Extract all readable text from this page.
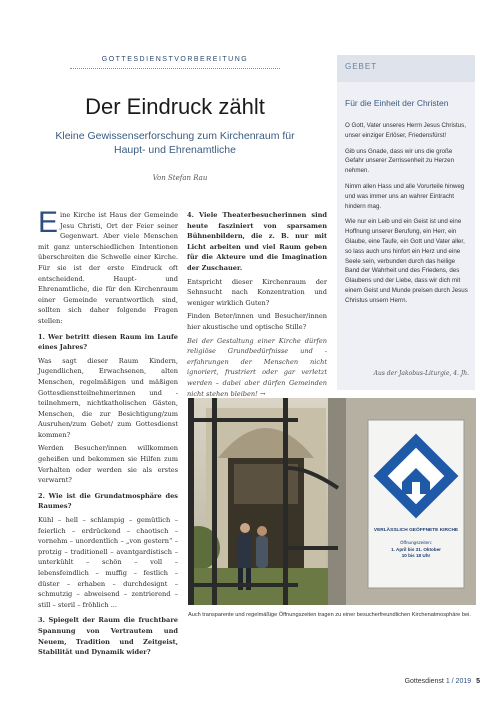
GOTTESDIENSTVORBEREITUNG
Der Eindruck zählt
Kleine Gewissenserforschung zum Kirchenraum für Haupt- und Ehrenamtliche
Von Stefan Rau

Eine Kirche ist Haus der Gemeinde Jesu Christi, Ort der Feier seiner Gegenwart. Aber viele Menschen mit ganz unterschiedlichen Intentionen überschreiten die Schwelle einer Kirche. Für sie ist der erste Eindruck oft entscheidend. Haupt- und Ehrenamtliche, die für den Kirchenraum einer Gemeinde verantwortlich sind, sollten sich daher folgende Fragen stellen:

1. Wer betritt diesen Raum im Laufe eines Jahres?

Was sagt dieser Raum Kindern, Jugendlichen, Erwachsenen, alten Menschen, regelmäßigen und mäßigen Gottesdienstteilnehmerinnen und -teilnehmern, nichtkatholischen Gästen, Menschen, die zur Besichtigung/zum Ausruhen/zum Gebet/ zum Gottesdienst kommen?

Werden Besucher/innen willkommen geheißen und bekommen sie Hilfen zum Verhalten oder werden sie als erstes verwarnt?

2. Wie ist die Grundatmosphäre des Raumes?

Kühl – hell – schlampig – gemütlich – feierlich – erdrückend – chaotisch – vornehm – unordentlich – „von gestern“ – protzig – traditionell – avantgardistisch – unterkühlt – schön – voll – lebensfeindlich – muffig – festlich – düster – erhaben – durchdesignt – schmutzig – abweisend – zentrierend – still – steril – fröhlich ...

3. Spiegelt der Raum die fruchtbare Spannung von Vertrautem und Neuem, Tradition und Zeitgeist, Stabilität und Dynamik wider?

4. Viele Theaterbesucherinnen sind heute fasziniert von sparsamen Bühnenbildern, die z. B. nur mit Licht arbeiten und viel Raum geben für die Akteure und die Imagination der Zuschauer.

Entspricht dieser Kirchenraum der Sehnsucht nach Konzentration und weniger wirklich Guten?

Finden Beter/innen und Besucher/innen hier akustische und optische Stille?

Bei der Gestaltung einer Kirche dürfen religiöse Grundbedürfnisse und -erfahrungen der Menschen nicht ignoriert, frustriert oder gar verletzt werden – dabei aber dürfen Gemeinden nicht stehen bleiben! →

GEBET
Für die Einheit der Christen

O Gott, Vater unseres Herrn Jesus Christus, unser einziger Erlöser, Friedensfürst!

Gib uns Gnade, dass wir uns die große Gefahr unserer Zerrissenheit zu Herzen nehmen.

Nimm allen Hass und alle Vorurteile hinweg und was immer uns an wahrer Eintracht hindern mag.

Wie nur ein Leib und ein Geist ist und eine Hoffnung unserer Berufung, ein Herr, ein Glaube, eine Taufe, ein Gott und Vater aller, so lass auch uns hinfort ein Herz und eine Seele sein, verbunden durch das heilige Band der Wahrheit und des Friedens, des Glaubens und der Liebe, dass wir dich mit einem Geist und Munde preisen durch Jesus Christus unsern Herrn.

Aus der Jakobus-Liturgie, 4. Jh.
VERLÄSSLICH GEÖFFNETE KIRCHE
Öffnungszeiten:
1. April bis 31. Oktober
10 bis 18 Uhr
Auch transparente und regelmäßige Öffnungszeiten tragen zu einer besucherfreundlichen Kirchenatmosphäre bei.
Gottesdienst 1 / 2019 5
